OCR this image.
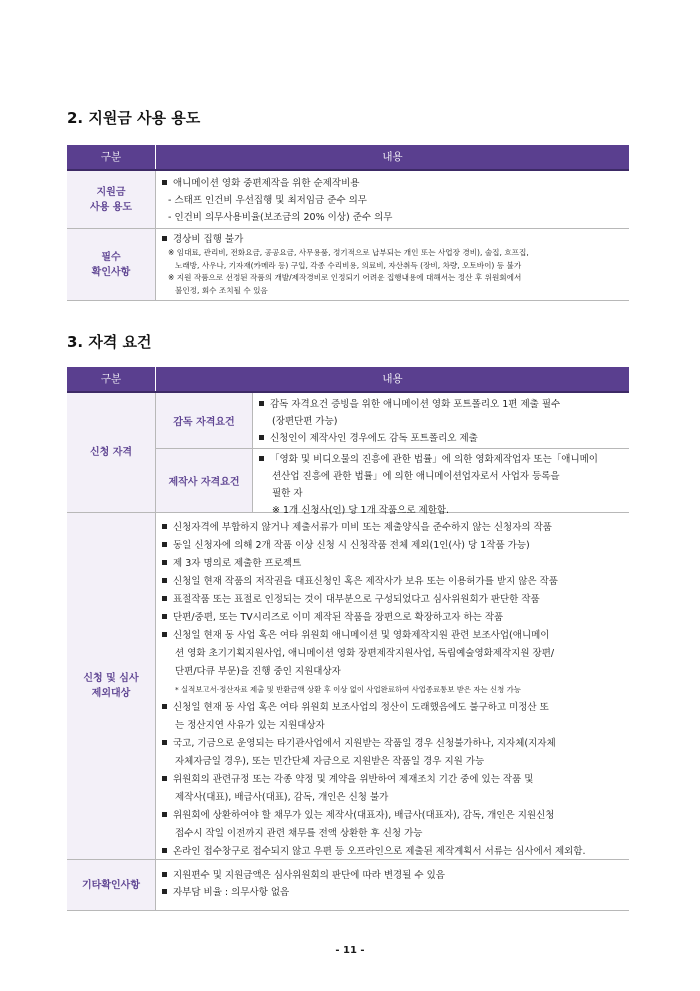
2. 지원금 사용 용도
구분	내용
지원금
사용 용도
애니메이션 영화 중편제작을 위한 순제작비용
- 스태프 인건비 우선집행 및 최저임금 준수 의무
- 인건비 의무사용비율(보조금의 20% 이상) 준수 의무
필수
확인사항
경상비 집행 불가
※ 임대료, 관리비, 전화요금, 공공요금, 사무용품, 정기적으로 납부되는 개인 또는 사업장 경비), 술집, 흐프집,
노래방, 사우나, 기자재(카메라 등) 구입, 각종 수리비용, 의료비, 자산취득 (장비, 차량, 오토바이) 등 불가
※ 지원 작품으로 선정된 작품의 개발/제작경비로 인정되기 어려운 집행내용에 대해서는 정산 후 위원회에서
불인정, 회수 조치될 수 있음
3. 자격 요건
구분	내용
신청 자격
감독 자격요건
감독 자격요건 증빙을 위한 애니메이션 영화 포트폴리오 1편 제출 필수
(장편단편 가능)
신청인이 제작사인 경우에도 감독 포트폴리오 제출
제작사 자격요건
「영화 및 비디오물의 진흥에 관한 법률」에 의한 영화제작업자 또는「애니메이
션산업 진흥에 관한 법률」에 의한 애니메이션업자로서 사업자 등록을
필한 자
※ 1개 신청사(인) 당 1개 작품으로 제한함.
신청 및 심사
제외대상
신청자격에 부합하지 않거나 제출서류가 미비 또는 제출양식을 준수하지 않는 신청자의 작품
동일 신청자에 의해 2개 작품 이상 신청 시 신청작품 전체 제외(1인(사) 당 1작품 가능)
제 3자 명의로 제출한 프로젝트
신청일 현재 작품의 저작권을 대표신청인 혹은 제작사가 보유 또는 이용허가를 받지 않은 작품
표절작품 또는 표절로 인정되는 것이 대부분으로 구성되었다고 심사위원회가 판단한 작품
단편/중편, 또는 TV시리즈로 이미 제작된 작품을 장편으로 확장하고자 하는 작품
신청일 현재 동 사업 혹은 여타 위원회 애니메이션 및 영화제작지원 관련 보조사업(애니메이
션 영화 초기기획지원사업, 애니메이션 영화 장편제작지원사업, 독립예술영화제작지원 장편/
단편/다큐 부문)을 진행 중인 지원대상자
* 실적보고서·정산자료 제출 및 반환금액 상환 후 이상 없이 사업완료하여 사업종료통보 받은 자는 신청 가능
신청일 현재 동 사업 혹은 여타 위원회 보조사업의 정산이 도래했음에도 불구하고 미정산 또
는 정산지연 사유가 있는 지원대상자
국고, 기금으로 운영되는 타기관사업에서 지원받는 작품일 경우 신청불가하나, 지자체(지자체
자체자금일 경우), 또는 민간단체 자금으로 지원받은 작품일 경우 지원 가능
위원회의 관련규정 또는 각종 약정 및 계약을 위반하여 제재조치 기간 중에 있는 작품 및
제작사(대표), 배급사(대표), 감독, 개인은 신청 불가
위원회에 상환하여야 할 채무가 있는 제작사(대표자), 배급사(대표자), 감독, 개인은 지원신청
접수시 작일 이전까지 관련 채무를 전액 상환한 후 신청 가능
온라인 접수창구로 접수되지 않고 우편 등 오프라인으로 제출된 제작계획서 서류는 심사에서 제외함.
기타확인사항
지원편수 및 지원금액은 심사위원회의 판단에 따라 변경될 수 있음
자부담 비율 : 의무사항 없음
- 11 -
